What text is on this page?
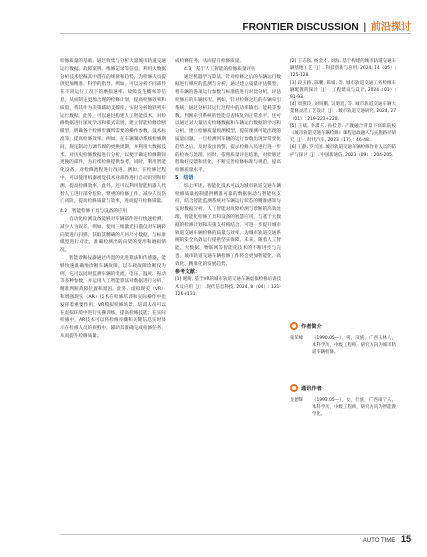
FRONTIER DISCUSSION | 前沿探讨

检修质量的基础。通过收集与分析大量城市轨道交通运行数据、故障案例、维修记录等信息，利用大数据分析技术挖掘其中潜在的规律和趋势，为检修人员提供更加精准、科学的指导。例如，可以分析不同部件在不同运行工况下的磨损速率、故障发生概率等信息，从而制定更加合理的检修计划，提高检修效率和质量，将其作为决策辅助支撑库，实时分析地铁列车运行数据。此外，可以通过构建人工智能技术，对检修数据进行深度学习和模式识别，建立智能检修诊断模型，明确各个检修步骤所需要的操作参数、技术标准等，提高检修效率。例如，在车辆制动系统检修期间，规定制动力调节阀的更换周期，并利用大数据技术，对历史检修数据进行分析，以便于确定检修期间更换的部件，为后续检修提供参考。同时，利用智能化设备，对检修流程进行改进。例如，在检修过程中，可以使用机器视觉技术对部件进行自动识别和检测，提高检修效率。此外，还可以利用智能机器人代替人工进行部分危险、繁重的检修工作，减少人员伤亡风险，提高检修质量与效率，进而提升检修质量。

4.2　智能检修工具与设备的应用

自动化检测设备能够对车辆部件进行快速检测，减少人为误差。例如，使用三维激光扫描仪对车辆转向架进行扫描，获取其精确的几何尺寸数据，与标准模型进行对比，准确检测出转向架的变形和磨损情况。

智能诊断仪器通过内置的先进算法和传感器，能够快速准确地诊断车辆故障。以车载故障诊断仪为例，它可以同时监测车辆的电流、电压、温度、振动等多种参数，并运用人工智能算法对数据进行分析，精准判断故障位置和原因。此外，虚拟现实（VR）和增强现实（AR）技术在检修培训和实际操作中也发挥着重要作用。VR模拟检修场景，培训人员可以在虚拟环境中进行实操训练，提高检修技能；在实际检修中，AR技术可以将检修步骤和关键信息实时显示在检修人员的视野中，辅助其准确完成检修任务，从而提升检修质量。

成检修任务，从而提升检修质量。

4.3　基于人工智能的检修质量评估

通过机器学习算法，针对检修之后的车辆运行数据进行相应的监测与分析，通过建立质量评估模型，将车辆的各项运行参数与标准值进行对比分析，评估检修后的车辆状况。例如，针对检修之后的车辆牵引系统，通过分析其运行过程中的功率输出、能耗等参数，判断牵引系统的性能是否恢复到正常水平。还可以通过对大量历史检修数据和车辆运行数据的学习和分析，建立检修质量预测模型，提前预测可能出现的质量问题。一旦检测到车辆的运行参数出现异常变化趋势之后，及时发出预警，提示检修人员进行进一步的检查与处理。同时，依照质量评估结果，对检修过程做好反馈和优化，不断完善检修标准与规范，提高检修质量水平。

5　结语

综上所述，智能化技术可以为城市轨道交通车辆检修质量控制提供精准可靠的数据驱动与智能化支持。结合智能监测系统对车辆运行状态的精准感知与实时数据分析、人工智能对故障检测与诊断的高效处理、智能化检修工具和设备的智慧应用、与基于大数据的检修计划和决策支持相结合，可进一步提升城市轨道交通车辆检修的质量与效率，为城市轨道交通系统的安全高效运行提供坚实保障。未来，随着人工智能、大数据、物联网等智能化技术的不断进步与完善，城市轨道交通车辆检修工作将会更加智能化、高效化、精准化的发展趋势。

参考文献：

[1] 谢俊, 基于VR的城市轨道交通车辆虚拟检修培训技术及应用［J］. 现代信息科技, 2024, 8（04）: 121-126+131.

[2] 王志强, 杨金才, 刘海. 基于构建的城市轨道交通车辆基地工艺［J］. 科技创新与应用, 2024, 14（05）: 125-128.

[3] 段玉路, 陈鹏, 陈娟, 等. 城市轨道交通工务检修车辆配置的探讨［J］. 工程建设与设计, 2024（01）: 91-93.

[4] 周燕玲, 刘锐鹏, 吴明宸, 等. 城市轨道交通车辆大架修灵活工艺设计［J］. 城市轨道交通研究, 2024, 27（01）: 219-223+228.

[5] 王斌, 李潇玉, 孙桂芳. 产教融合背景下高职院校《城市轨道交通车辆检修》课程思政融入与实施路径研究［J］. 时代汽车, 2023（17）: 46-48.

[6] 王静, 罗兴国. 城市轨道交通车辆检修作业人员的防护与探讨［J］. 中国新通信, 2023（09）: 204-205.

作者简介
张荣峰	（1990.05—），男，汉族，广西玉林人，本科学历，中级工程师，研究方向为城市轨道车辆检修。
通讯作者
龙德辉	（1993.05—），女，壮族，广西南宁人，本科学历，中级工程师，研究方向为智能教学化。
AUTO TIME 15
